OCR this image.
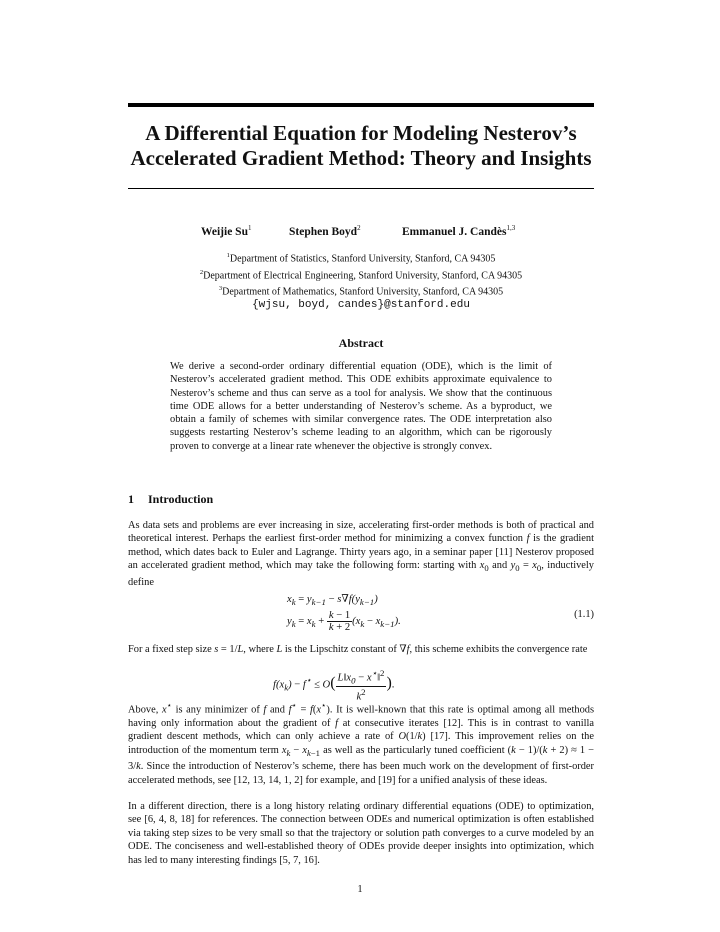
A Differential Equation for Modeling Nesterov’s
Accelerated Gradient Method: Theory and Insights
Weijie Su$^1$	Stephen Boyd$^2$	Emmanuel J. Candès$^{1,3}$
$^1$Department of Statistics, Stanford University, Stanford, CA 94305
$^2$Department of Electrical Engineering, Stanford University, Stanford, CA 94305
$^3$Department of Mathematics, Stanford University, Stanford, CA 94305
{wjsu, boyd, candes}@stanford.edu
Abstract
We derive a second-order ordinary differential equation (ODE), which is the limit of Nesterov’s accelerated gradient method. This ODE exhibits approximate equivalence to Nesterov’s scheme and thus can serve as a tool for analysis. We show that the continuous time ODE allows for a better understanding of Nesterov’s scheme. As a byproduct, we obtain a family of schemes with similar convergence rates. The ODE interpretation also suggests restarting Nesterov’s scheme leading to an algorithm, which can be rigorously proven to converge at a linear rate whenever the objective is strongly convex.
1 Introduction
As data sets and problems are ever increasing in size, accelerating first-order methods is both of practical and theoretical interest. Perhaps the earliest first-order method for minimizing a convex function f is the gradient method, which dates back to Euler and Lagrange. Thirty years ago, in a seminar paper [11] Nesterov proposed an accelerated gradient method, which may take the following form: starting with $x_0$ and $y_0 = x_0$, inductively define
$x_k = y_{k-1} - s\nabla f(y_{k-1})$
$y_k = x_k + \frac{k - 1}{k + 2} (x_k - x_{k-1})$.
(1.1)
For a fixed step size s = 1/L, where L is the Lipschitz constant of ∇f, this scheme exhibits the convergence rate
$f(x_k) - f^⋆ \le O( \frac{L‖x_0 - x^⋆‖^2}{k^2}$ ).
Above, x⋆ is any minimizer of f and f⋆ = f(x⋆). It is well-known that this rate is optimal among all methods having only information about the gradient of f at consecutive iterates [12]. This is in contrast to vanilla gradient descent methods, which can only achieve a rate of O(1/k) [17]. This improvement relies on the introduction of the momentum term $x_k - x_{k-1}$ as well as the particularly tuned coefficient (k − 1)/(k + 2) ≈ 1 − 3/k. Since the introduction of Nesterov’s scheme, there has been much work on the development of first-order accelerated methods, see [12, 13, 14, 1, 2] for example, and [19] for a unified analysis of these ideas.
In a different direction, there is a long history relating ordinary differential equations (ODE) to optimization, see [6, 4, 8, 18] for references. The connection between ODEs and numerical optimization is often established via taking step sizes to be very small so that the trajectory or solution path converges to a curve modeled by an ODE. The conciseness and well-established theory of ODEs provide deeper insights into optimization, which has led to many interesting findings [5, 7, 16].
1
